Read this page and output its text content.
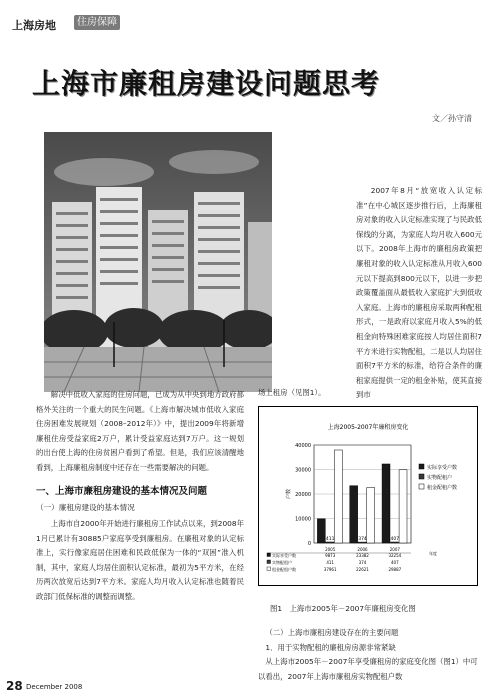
上海房地	住房保障
上海市廉租房建设问题思考
文／孙守清

2007年8月“放宽收入认定标准”在中心城区逐步推行后，上海廉租房对象的收入认定标准实现了与民政低保线的分离，为家庭人均月收入600元以下。2008年上海市的廉租房政策把廉租对象的收入认定标准从月收入600元以下提高到800元以下，以进一步把政策覆盖面从最低收入家庭扩大到低收入家庭。上海市的廉租房采取两种配租形式，一是政府以家庭月收入5%的低租金向特殊困难家庭按人均居住面积7平方米进行实物配租，二是以人均居住面积7平方米的标准，给符合条件的廉租家庭提供一定的租金补贴，使其直接到市

场上租房（见图1）。

解决中低收入家庭的住房问题，已成为从中央到地方政府都格外关注的一个重大的民生问题。《上海市解决城市低收入家庭住房困难发展规划（2008–2012年）》中，提出2009年将新增廉租住房受益家庭2万户，累计受益家庭达到7万户。这一规划的出台使上海的住房贫困户看到了希望。但是，我们应该清醒地看到，上海廉租房制度中还存在一些需要解决的问题。

一、上海市廉租房建设的基本情况及问题
（一）廉租房建设的基本情况

上海市自2000年开始进行廉租房工作试点以来，到2008年1月已累计有30885户家庭享受到廉租房。在廉租对象的认定标准上，实行像家庭居住困难和民政低保为一体的“双困”准入机制，其中，家庭人均居住面积认定标准，最初为5平方米，在经历两次放宽后达到7平方米。家庭人均月收入认定标准也随着民政部门低保标准的调整而调整。

上海2005-2007年廉租房变化
0
10000
20000
30000
40000
户数
411	374	407
实际享受户数
实物配租户
租金配租户数
2005	2006	2007
年度
实际享受户数	9873	23382	32254
实物配租户	411	374	407
租金配租户数	37961	22621	29887
图1　上海市2005年－2007年廉租房变化图

（二）上海市廉租房建设存在的主要问题

1．用于实物配租的廉租房房源非常紧缺

从上海市2005年－2007年享受廉租房的家庭变化图（图1）中可以看出，2007年上海市廉租房实物配租户数

28 December 2008
